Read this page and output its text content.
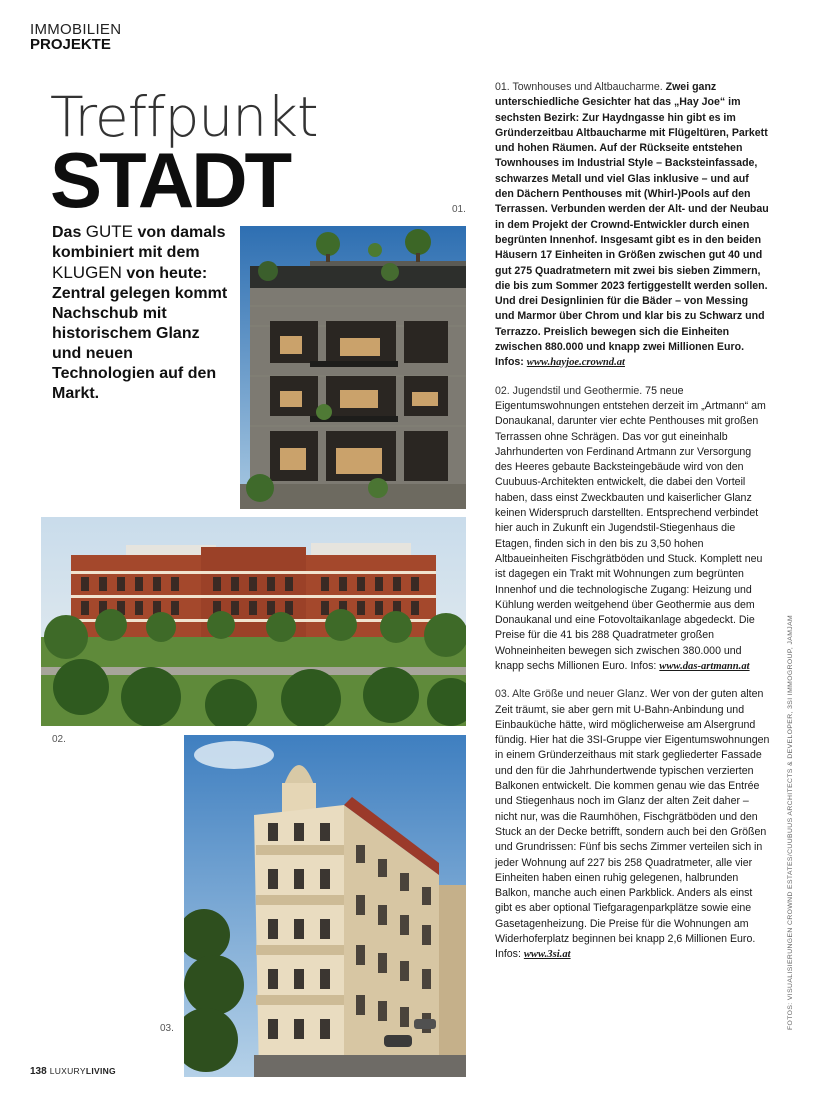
IMMOBILIEN
PROJEKTE
Treffpunkt
STADT
Das GUTE von damals kombiniert mit dem KLUGEN von heute: Zentral gelegen kommt Nachschub mit historischem Glanz und neuen Technologien auf den Markt.
01.
02.
03.

01. Townhouses und Altbaucharme. Zwei ganz unterschiedliche Gesichter hat das „Hay Joe“ im sechsten Bezirk: Zur Haydngasse hin gibt es im Gründerzeitbau Altbaucharme mit Flügeltüren, Parkett und hohen Räumen. Auf der Rückseite entstehen Townhouses im Industrial Style – Backsteinfassade, schwarzes Metall und viel Glas inklusive – und auf den Dächern Penthouses mit (Whirl-)Pools auf den Terrassen. Verbunden werden der Alt- und der Neubau in dem Projekt der Crownd-Entwickler durch einen begrünten Innenhof. Insgesamt gibt es in den beiden Häusern 17 Einheiten in Größen zwischen gut 40 und gut 275 Quadratmetern mit zwei bis sieben Zimmern, die bis zum Sommer 2023 fertiggestellt werden sollen. Und drei Designlinien für die Bäder – von Messing und Marmor über Chrom und klar bis zu Schwarz und Terrazzo. Preislich bewegen sich die Einheiten zwischen 880.000 und knapp zwei Millionen Euro. Infos: www.hayjoe.crownd.at

02. Jugendstil und Geothermie. 75 neue Eigentumswohnungen entstehen derzeit im „Artmann“ am Donaukanal, darunter vier echte Penthouses mit großen Terrassen ohne Schrägen. Das vor gut eineinhalb Jahrhunderten von Ferdinand Artmann zur Versorgung des Heeres gebaute Backsteingebäude wird von den Cuubuus-Architekten entwickelt, die dabei den Vorteil haben, dass einst Zweckbauten und kaiserlicher Glanz keinen Widerspruch darstellten. Entsprechend verbindet hier auch in Zukunft ein Jugendstil-Stiegenhaus die Etagen, finden sich in den bis zu 3,50 hohen Altbaueinheiten Fischgrätböden und Stuck. Komplett neu ist dagegen ein Trakt mit Wohnungen zum begrünten Innenhof und die technologische Zugang: Heizung und Kühlung werden weitgehend über Geothermie aus dem Donaukanal und eine Fotovoltaikanlage abgedeckt. Die Preise für die 41 bis 288 Quadratmeter großen Wohneinheiten bewegen sich zwischen 380.000 und knapp sechs Millionen Euro. Infos: www.das-artmann.at

03. Alte Größe und neuer Glanz. Wer von der guten alten Zeit träumt, sie aber gern mit U-Bahn-Anbindung und Einbauküche hätte, wird möglicherweise am Alsergrund fündig. Hier hat die 3SI-Gruppe vier Eigentumswohnungen in einem Gründerzeithaus mit stark gegliederter Fassade und den für die Jahrhundertwende typischen verzierten Balkonen entwickelt. Die kommen genau wie das Entrée und Stiegenhaus noch im Glanz der alten Zeit daher – nicht nur, was die Raumhöhen, Fischgrätböden und den Stuck an der Decke betrifft, sondern auch bei den Größen und Grundrissen: Fünf bis sechs Zimmer verteilen sich in jeder Wohnung auf 227 bis 258 Quadratmeter, alle vier Einheiten haben einen ruhig gelegenen, halbrunden Balkon, manche auch einen Parkblick. Anders als einst gibt es aber optional Tiefgaragenparkplätze sowie eine Gasetagenheizung. Die Preise für die Wohnungen am Widerhoferplatz beginnen bei knapp 2,6 Millionen Euro. Infos: www.3si.at	FOTOS: VISUALISIERUNGEN CROWND ESTATES/CUUBUUS ARCHITECTS & DEVELOPER, 3SI IMMOGROUP, JAMJAM
138 LUXURYLIVING
